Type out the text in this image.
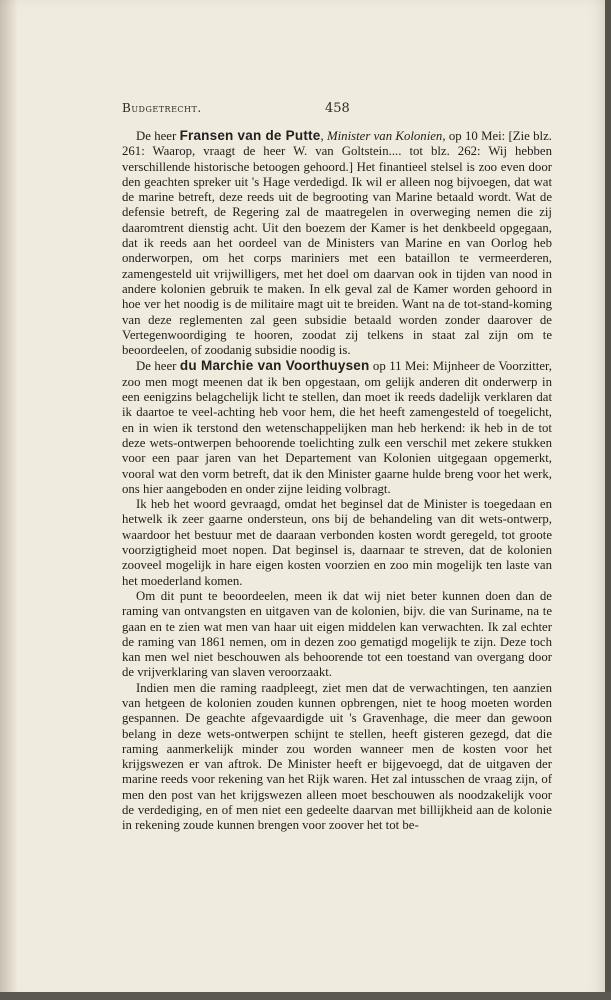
Budgetrecht.	458

De heer Fransen van de Putte, Minister van Kolonien, op 10 Mei: [Zie blz. 261: Waarop, vraagt de heer W. van Goltstein.... tot blz. 262: Wij hebben verschillende historische betoogen gehoord.] Het finantieel stelsel is zoo even door den geachten spreker uit 's Hage verdedigd. Ik wil er alleen nog bijvoegen, dat wat de marine betreft, deze reeds uit de begrooting van Marine betaald wordt. Wat de defensie betreft, de Regering zal de maatregelen in overweging nemen die zij daaromtrent dienstig acht. Uit den boezem der Kamer is het denkbeeld opgegaan, dat ik reeds aan het oordeel van de Ministers van Marine en van Oorlog heb onderworpen, om het corps mariniers met een bataillon te vermeerderen, zamengesteld uit vrijwilligers, met het doel om daarvan ook in tijden van nood in andere kolonien gebruik te maken. In elk geval zal de Kamer worden gehoord in hoe ver het noodig is de militaire magt uit te breiden. Want na de tot-stand-koming van deze reglementen zal geen subsidie betaald worden zonder daarover de Vertegenwoordiging te hooren, zoodat zij telkens in staat zal zijn om te beoordeelen, of zoodanig subsidie noodig is.

De heer du Marchie van Voorthuysen op 11 Mei: Mijnheer de Voorzitter, zoo men mogt meenen dat ik ben opgestaan, om gelijk anderen dit onderwerp in een eenigzins belagchelijk licht te stellen, dan moet ik reeds dadelijk verklaren dat ik daartoe te veel-achting heb voor hem, die het heeft zamengesteld of toegelicht, en in wien ik terstond den wetenschappelijken man heb herkend: ik heb in de tot deze wets-ontwerpen behoorende toelichting zulk een verschil met zekere stukken voor een paar jaren van het Departement van Kolonien uitgegaan opgemerkt, vooral wat den vorm betreft, dat ik den Minister gaarne hulde breng voor het werk, ons hier aangeboden en onder zijne leiding volbragt.

Ik heb het woord gevraagd, omdat het beginsel dat de Minister is toegedaan en hetwelk ik zeer gaarne ondersteun, ons bij de behandeling van dit wets-ontwerp, waardoor het bestuur met de daaraan verbonden kosten wordt geregeld, tot groote voorzigtigheid moet nopen. Dat beginsel is, daarnaar te streven, dat de kolonien zooveel mogelijk in hare eigen kosten voorzien en zoo min mogelijk ten laste van het moederland komen.

Om dit punt te beoordeelen, meen ik dat wij niet beter kunnen doen dan de raming van ontvangsten en uitgaven van de kolonien, bijv. die van Suriname, na te gaan en te zien wat men van haar uit eigen middelen kan verwachten. Ik zal echter de raming van 1861 nemen, om in dezen zoo gematigd mogelijk te zijn. Deze toch kan men wel niet beschouwen als behoorende tot een toestand van overgang door de vrijverklaring van slaven veroorzaakt.

Indien men die raming raadpleegt, ziet men dat de verwachtingen, ten aanzien van hetgeen de kolonien zouden kunnen opbrengen, niet te hoog moeten worden gespannen. De geachte afgevaardigde uit 's Gravenhage, die meer dan gewoon belang in deze wets-ontwerpen schijnt te stellen, heeft gisteren gezegd, dat die raming aanmerkelijk minder zou worden wanneer men de kosten voor het krijgswezen er van aftrok. De Minister heeft er bijgevoegd, dat de uitgaven der marine reeds voor rekening van het Rijk waren. Het zal intusschen de vraag zijn, of men den post van het krijgswezen alleen moet beschouwen als noodzakelijk voor de verdediging, en of men niet een gedeelte daarvan met billijkheid aan de kolonie in rekening zoude kunnen brengen voor zoover het tot be-
